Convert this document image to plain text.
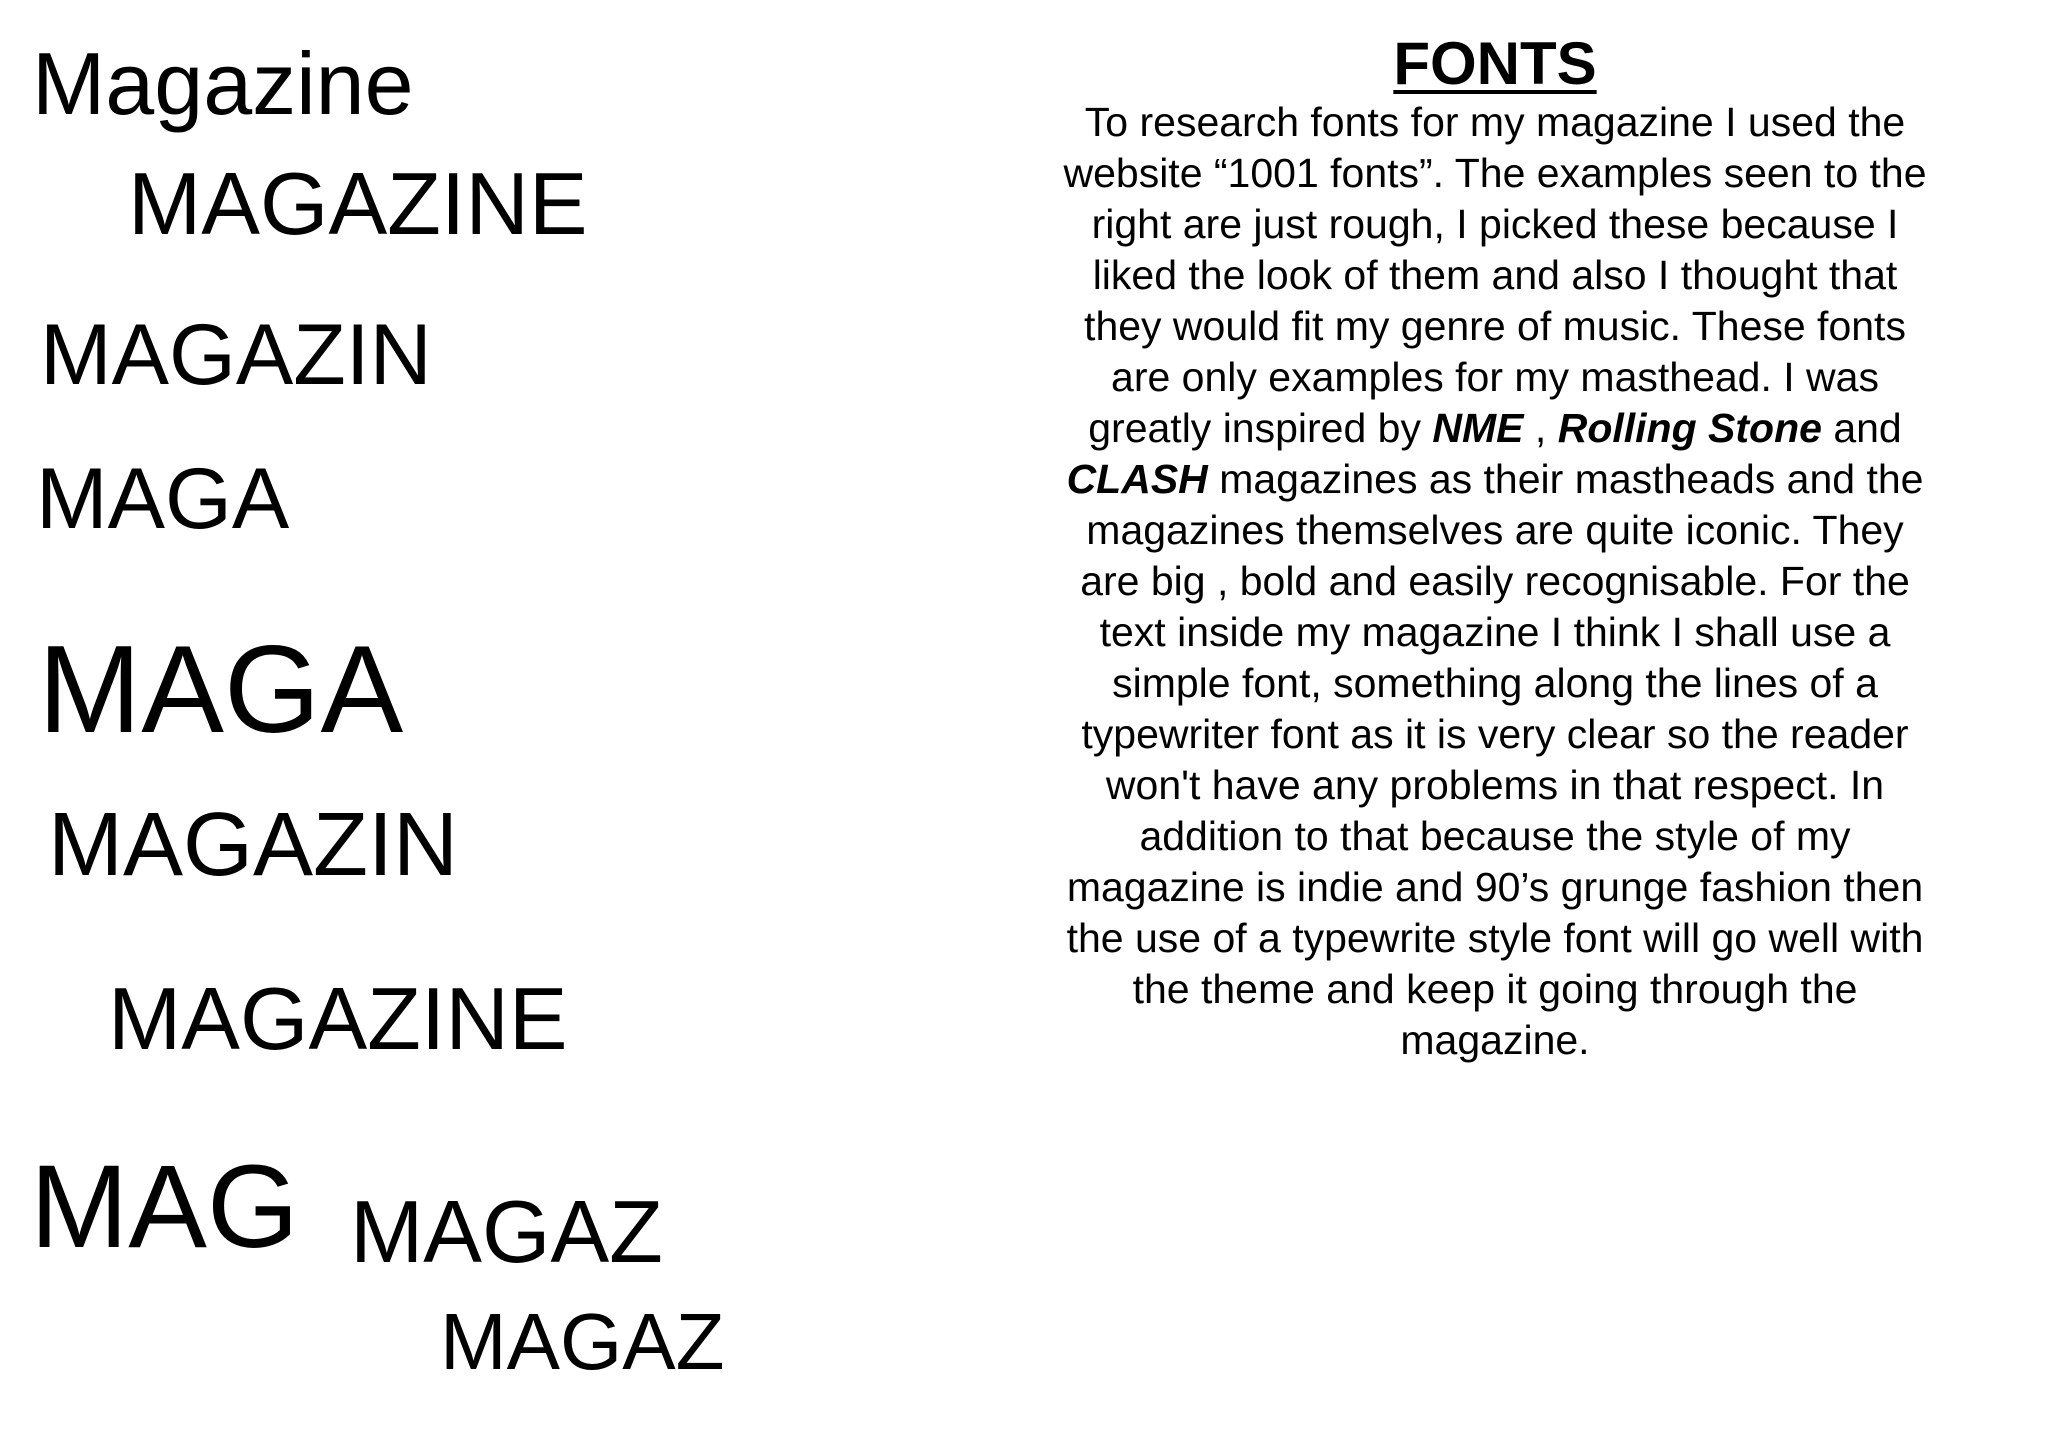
Magazine
MAGAZINE
MAGAZIN
MAGA
MAGA
MAGAZIN
MAGAZINE
MAG MAGAZ
MAGAZ
FONTS

To research fonts for my magazine I used the website “1001 fonts”. The examples seen to the right are just rough, I picked these because I liked the look of them and also I thought that they would fit my genre of music. These fonts are only examples for my masthead. I was greatly inspired by NME , Rolling Stone and CLASH magazines as their mastheads and the magazines themselves are quite iconic. They are big , bold and easily recognisable. For the text inside my magazine I think I shall use a simple font, something along the lines of a typewriter font as it is very clear so the reader won't have any problems in that respect. In addition to that because the style of my magazine is indie and 90’s grunge fashion then the use of a typewrite style font will go well with the theme and keep it going through the magazine.
